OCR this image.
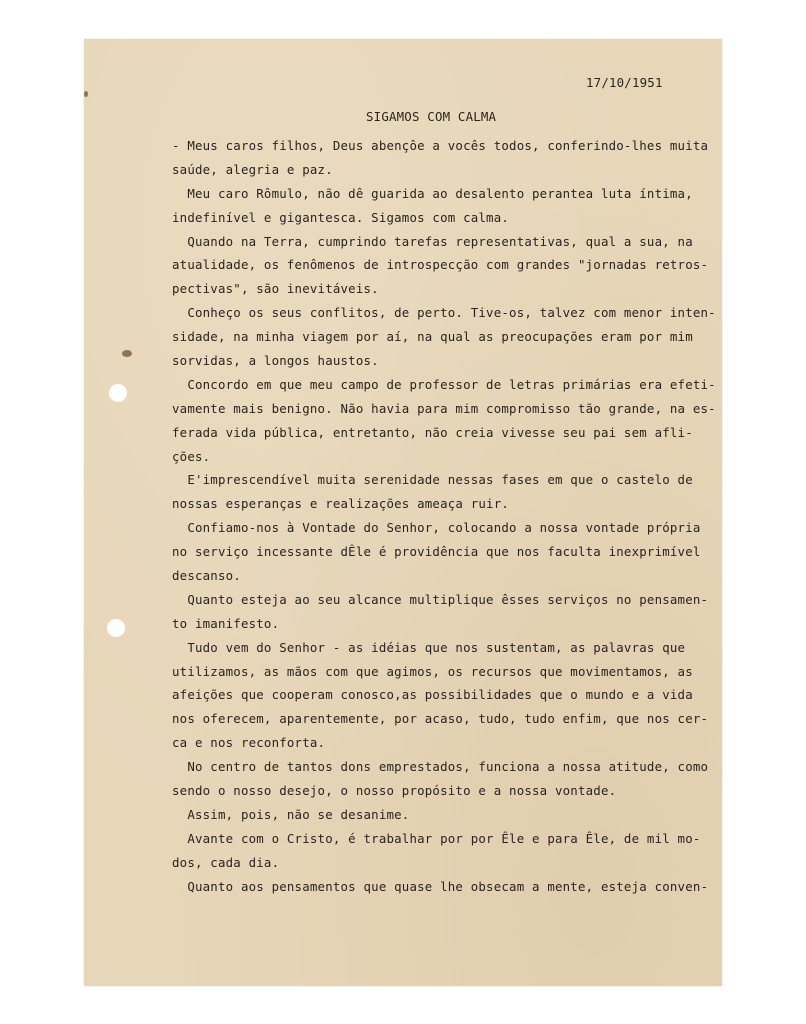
17/10/1951
SIGAMOS COM CALMA
- Meus caros filhos, Deus abençôe a vocês todos, conferindo-lhes muita
saúde, alegria e paz.
Meu caro Rômulo, não dê guarida ao desalento perantea luta íntima,
indefinível e gigantesca. Sigamos com calma.
Quando na Terra, cumprindo tarefas representativas, qual a sua, na
atualidade, os fenômenos de introspecção com grandes "jornadas retros-
pectivas", são inevitáveis.
Conheço os seus conflitos, de perto. Tive-os, talvez com menor inten-
sidade, na minha viagem por aí, na qual as preocupações eram por mim
sorvidas, a longos haustos.
Concordo em que meu campo de professor de letras primárias era efeti-
vamente mais benigno. Não havia para mim compromisso tão grande, na es-
ferada vida pública, entretanto, não creia vivesse seu pai sem afli-
ções.
E'imprescendível muita serenidade nessas fases em que o castelo de
nossas esperanças e realizações ameaça ruir.
Confiamo-nos à Vontade do Senhor, colocando a nossa vontade própria
no serviço incessante dÊle é providência que nos faculta inexprimível
descanso.
Quanto esteja ao seu alcance multiplique êsses serviços no pensamen-
to imanifesto.
Tudo vem do Senhor - as idéias que nos sustentam, as palavras que
utilizamos, as mãos com que agimos, os recursos que movimentamos, as
afeições que cooperam conosco,as possibilidades que o mundo e a vida
nos oferecem, aparentemente, por acaso, tudo, tudo enfim, que nos cer-
ca e nos reconforta.
No centro de tantos dons emprestados, funciona a nossa atitude, como
sendo o nosso desejo, o nosso propósito e a nossa vontade.
Assim, pois, não se desanime.
Avante com o Cristo, é trabalhar por por Êle e para Êle, de mil mo-
dos, cada dia.
Quanto aos pensamentos que quase lhe obsecam a mente, esteja conven-
